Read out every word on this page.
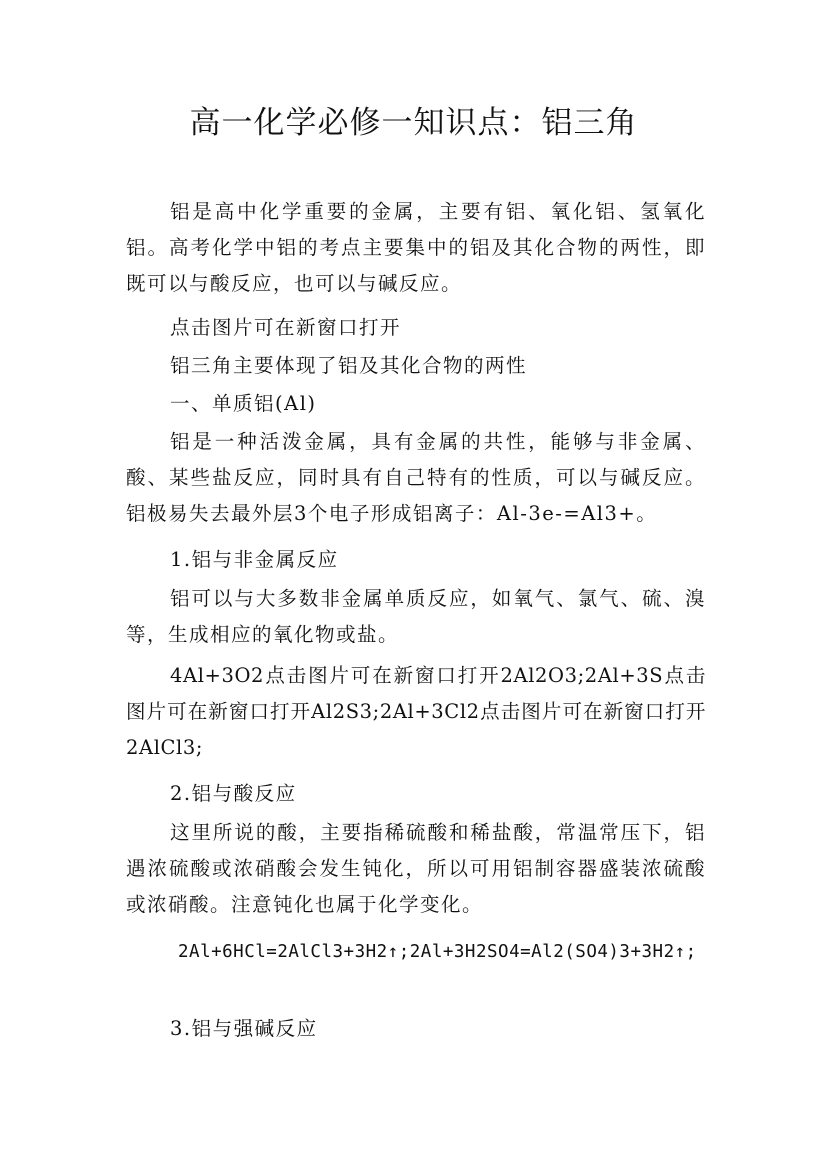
高一化学必修一知识点：铝三角

铝是高中化学重要的金属，主要有铝、氧化铝、氢氧化铝。高考化学中铝的考点主要集中的铝及其化合物的两性，即既可以与酸反应，也可以与碱反应。

点击图片可在新窗口打开

铝三角主要体现了铝及其化合物的两性

一、单质铝(Al)

铝是一种活泼金属，具有金属的共性，能够与非金属、酸、某些盐反应，同时具有自己特有的性质，可以与碱反应。铝极易失去最外层3个电子形成铝离子：Al-3e-=Al3+。

1.铝与非金属反应

铝可以与大多数非金属单质反应，如氧气、氯气、硫、溴等，生成相应的氧化物或盐。

4Al+3O2点击图片可在新窗口打开2Al2O3;2Al+3S点击图片可在新窗口打开Al2S3;2Al+3Cl2点击图片可在新窗口打开2AlCl3;

2.铝与酸反应

这里所说的酸，主要指稀硫酸和稀盐酸，常温常压下，铝遇浓硫酸或浓硝酸会发生钝化，所以可用铝制容器盛装浓硫酸或浓硝酸。注意钝化也属于化学变化。

2Al+6HCl=2AlCl3+3H2↑;2Al+3H2SO4=Al2(SO4)3+3H2↑;

3.铝与强碱反应
